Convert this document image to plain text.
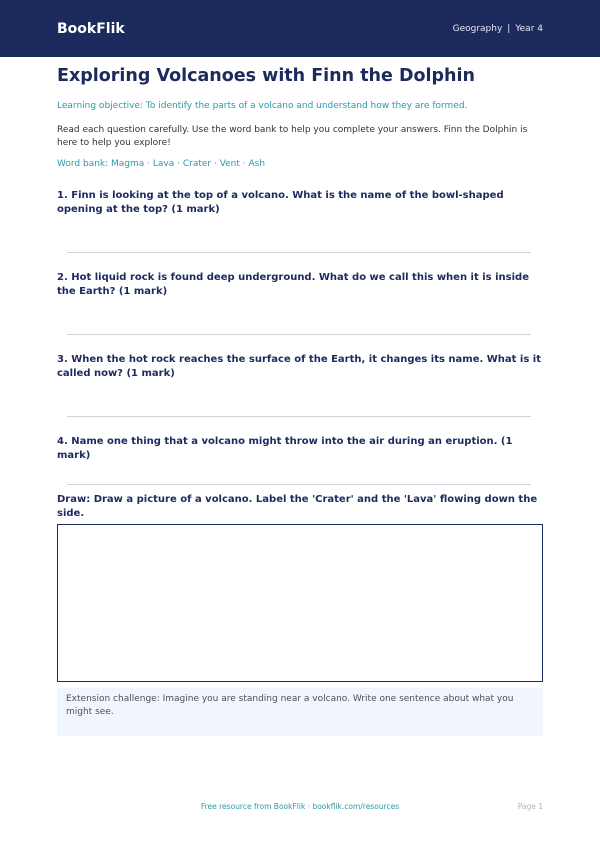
BookFlik	Geography | Year 4
Exploring Volcanoes with Finn the Dolphin
Learning objective: To identify the parts of a volcano and understand how they are formed.
Read each question carefully. Use the word bank to help you complete your answers. Finn the Dolphin is here to help you explore!
Word bank: Magma · Lava · Crater · Vent · Ash
1. Finn is looking at the top of a volcano. What is the name of the bowl-shaped opening at the top? (1 mark)
2. Hot liquid rock is found deep underground. What do we call this when it is inside the Earth? (1 mark)
3. When the hot rock reaches the surface of the Earth, it changes its name. What is it called now? (1 mark)
4. Name one thing that a volcano might throw into the air during an eruption. (1 mark)
Draw: Draw a picture of a volcano. Label the 'Crater' and the 'Lava' flowing down the side.
Extension challenge: Imagine you are standing near a volcano. Write one sentence about what you might see.
Free resource from BookFlik · bookflik.com/resources	Page 1
